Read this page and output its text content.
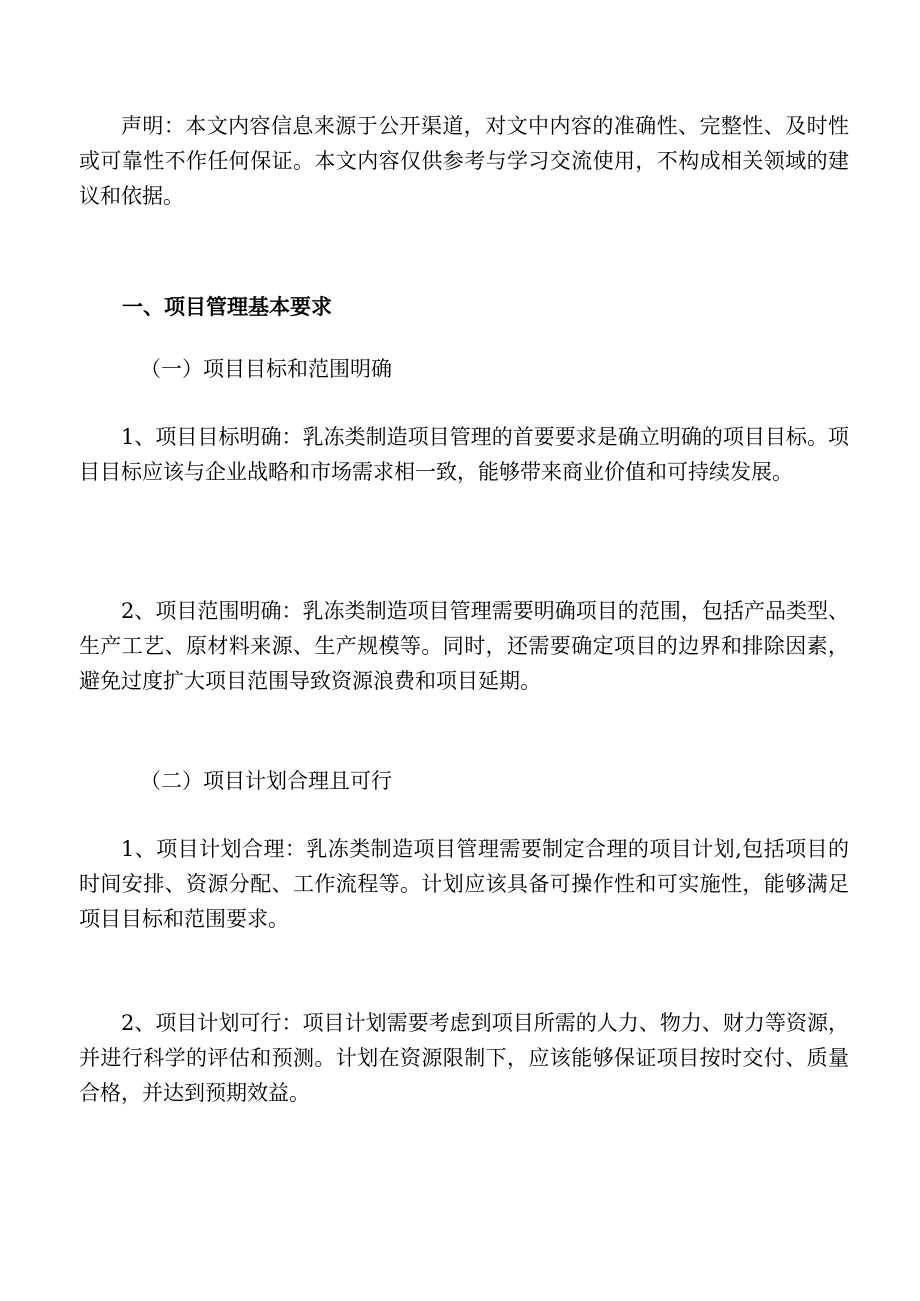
声明：本文内容信息来源于公开渠道，对文中内容的准确性、完整性、及时性或可靠性不作任何保证。本文内容仅供参考与学习交流使用，不构成相关领域的建议和依据。

一、项目管理基本要求

（一）项目目标和范围明确

1、项目目标明确：乳冻类制造项目管理的首要要求是确立明确的项目目标。项目目标应该与企业战略和市场需求相一致，能够带来商业价值和可持续发展。

2、项目范围明确：乳冻类制造项目管理需要明确项目的范围，包括产品类型、生产工艺、原材料来源、生产规模等。同时，还需要确定项目的边界和排除因素，避免过度扩大项目范围导致资源浪费和项目延期。

（二）项目计划合理且可行

1、项目计划合理：乳冻类制造项目管理需要制定合理的项目计划,包括项目的时间安排、资源分配、工作流程等。计划应该具备可操作性和可实施性，能够满足项目目标和范围要求。

2、项目计划可行：项目计划需要考虑到项目所需的人力、物力、财力等资源，并进行科学的评估和预测。计划在资源限制下，应该能够保证项目按时交付、质量合格，并达到预期效益。
